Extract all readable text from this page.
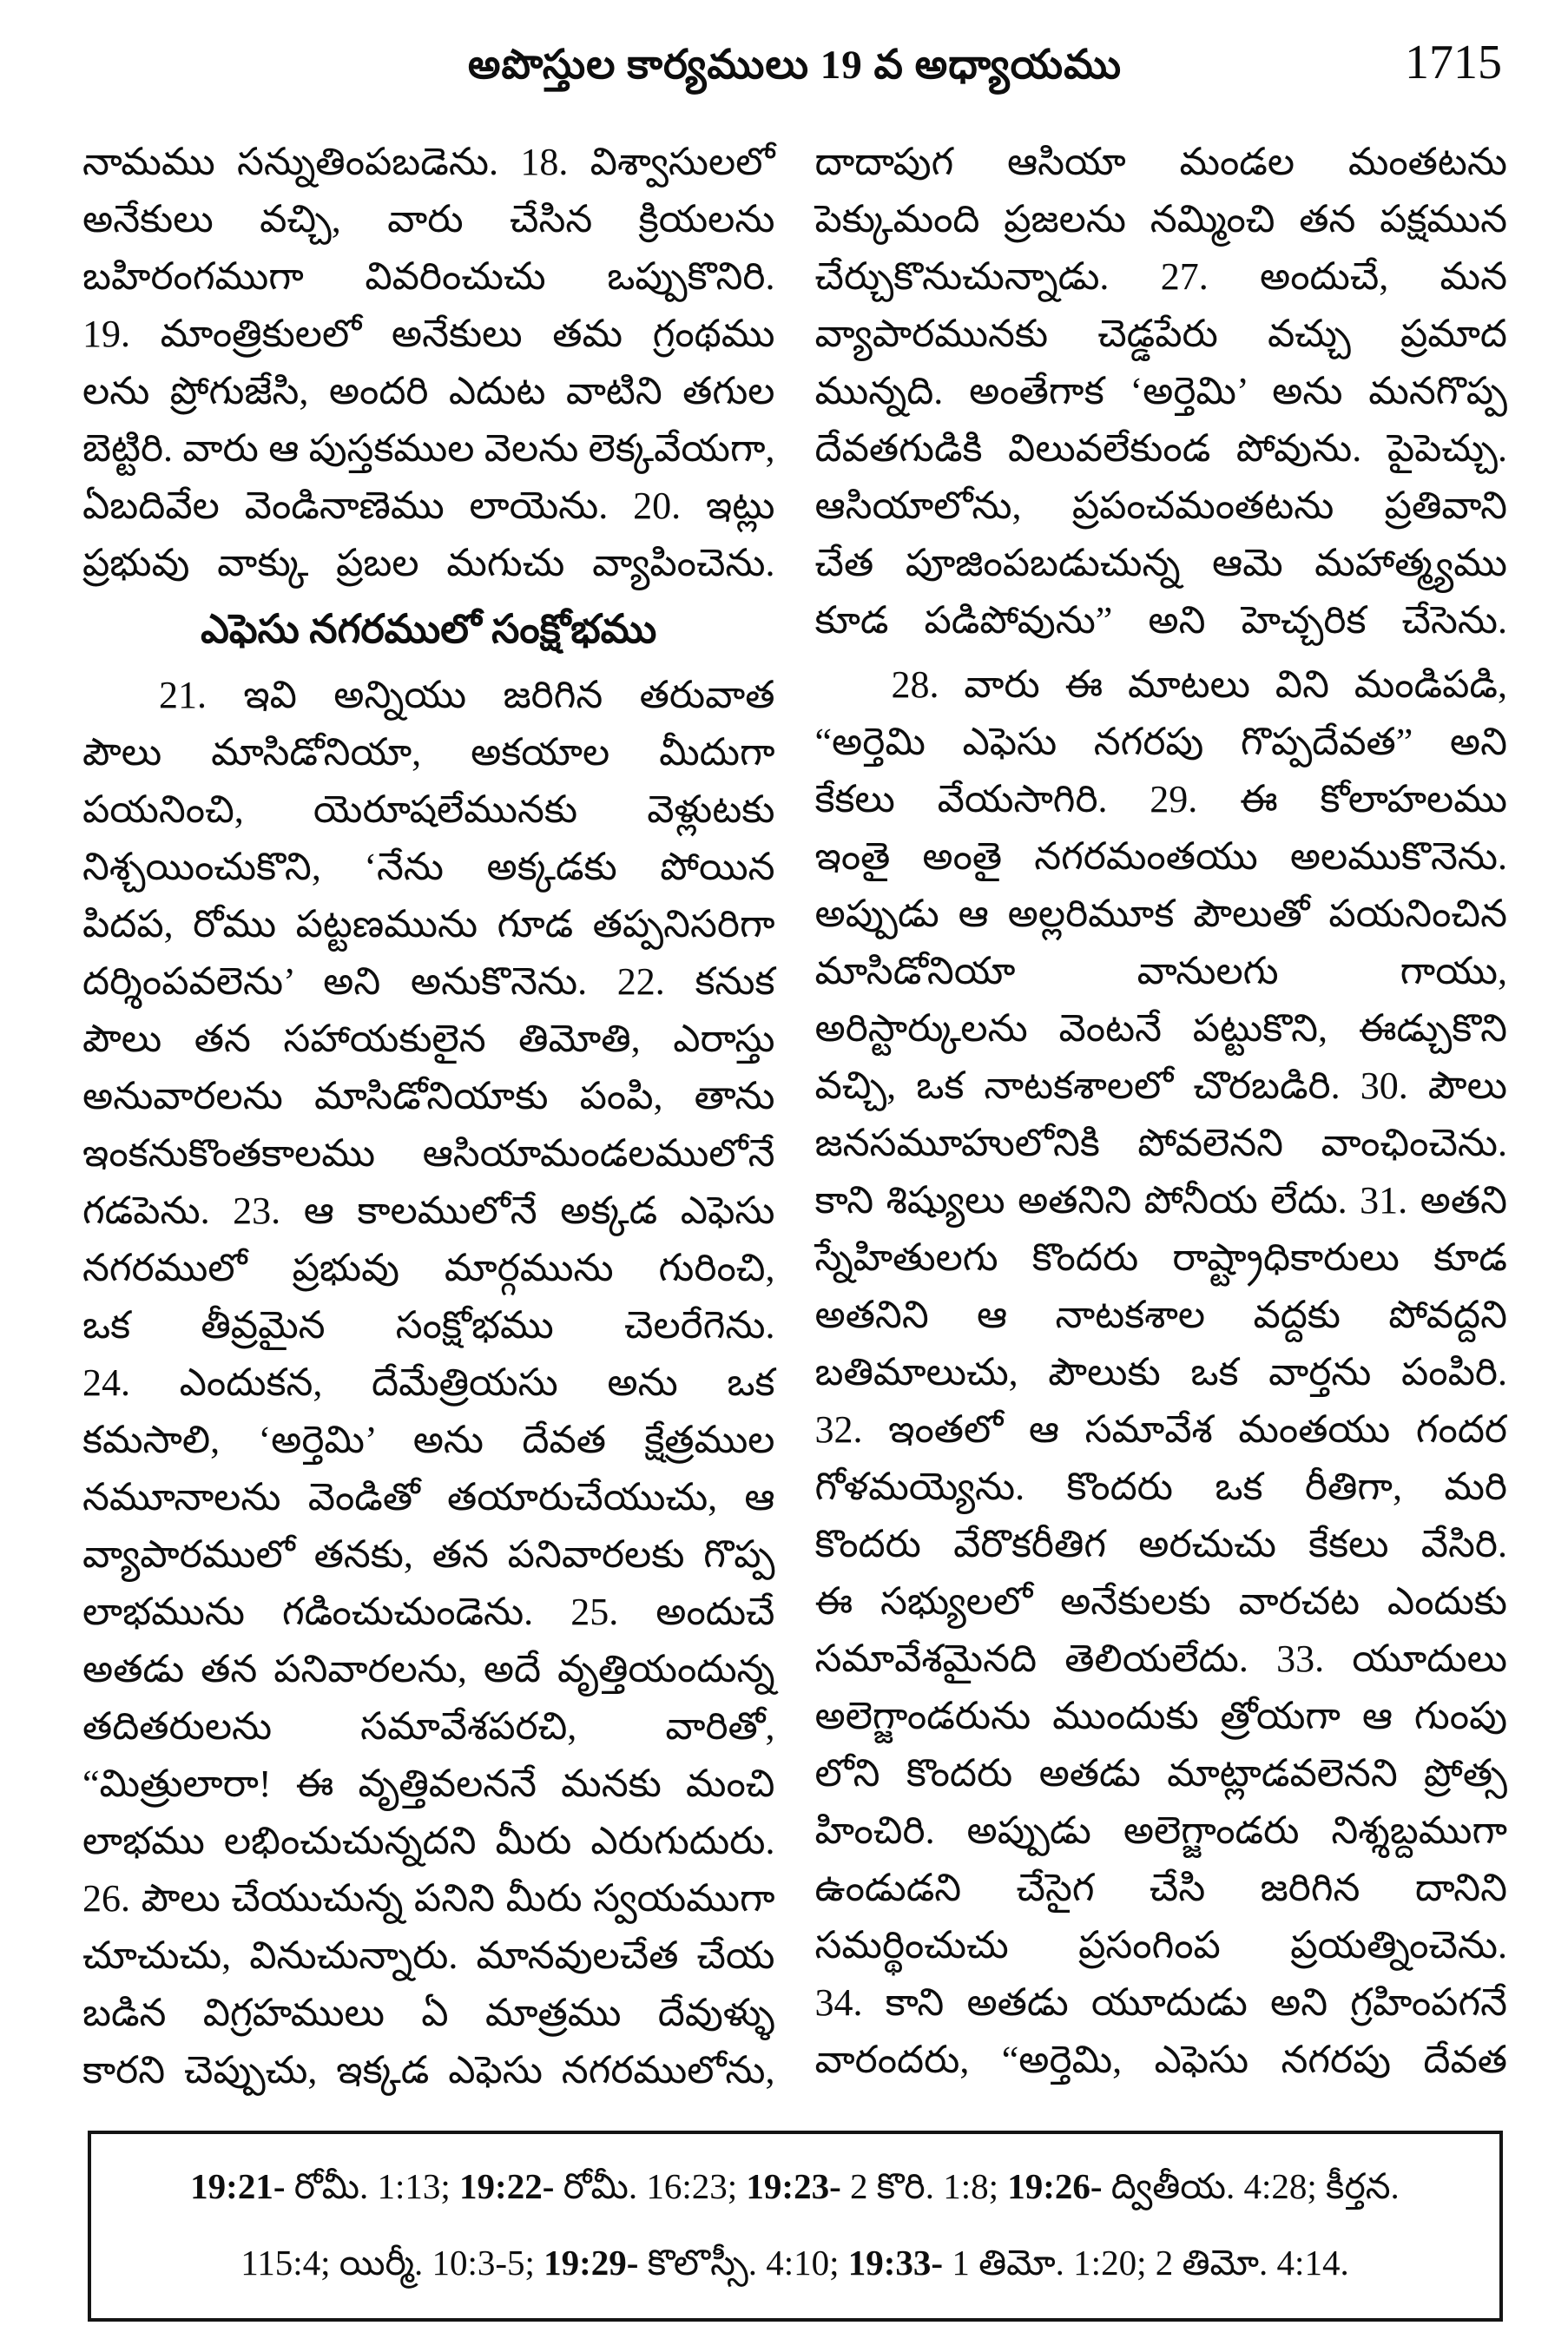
అపొస్తుల కార్యములు 19 వ అధ్యాయము	1715
నామము సన్నుతింపబడెను. 18. విశ్వాసులలో
అనేకులు వచ్చి, వారు చేసిన క్రియలను
బహిరంగముగా వివరించుచు ఒప్పుకొనిరి.
19. మాంత్రికులలో అనేకులు తమ గ్రంథము
లను ప్రోగుజేసి, అందరి ఎదుట వాటిని తగుల
బెట్టిరి. వారు ఆ పుస్తకముల వెలను లెక్కవేయగా,
ఏబదివేల వెండినాణెము లాయెను. 20. ఇట్లు
ప్రభువు వాక్కు ప్రబల మగుచు వ్యాపించెను.
ఎఫెసు నగరములో సంక్షోభము
21. ఇవి అన్నియు జరిగిన తరువాత
పౌలు మాసిడోనియా, అకయాల మీదుగా
పయనించి, యెరూషలేమునకు వెళ్లుటకు
నిశ్చయించుకొని, ‘నేను అక్కడకు పోయిన
పిదప, రోము పట్టణమును గూడ తప్పనిసరిగా
దర్శింపవలెను’ అని అనుకొనెను. 22. కనుక
పౌలు తన సహాయకులైన తిమోతి, ఎరాస్తు
అనువారలను మాసిడోనియాకు పంపి, తాను
ఇంకనుకొంతకాలము ఆసియామండలములోనే
గడపెను. 23. ఆ కాలములోనే అక్కడ ఎఫెసు
నగరములో ప్రభువు మార్గమును గురించి,
ఒక తీవ్రమైన సంక్షోభము చెలరేగెను.
24. ఎందుకన, దేమేత్రియసు అను ఒక
కమసాలి, ‘అర్తెమి’ అను దేవత క్షేత్రముల
నమూనాలను వెండితో తయారుచేయుచు, ఆ
వ్యాపారములో తనకు, తన పనివారలకు గొప్ప
లాభమును గడించుచుండెను. 25. అందుచే
అతడు తన పనివారలను, అదే వృత్తియందున్న
తదితరులను సమావేశపరచి, వారితో,
“మిత్రులారా! ఈ వృత్తివలననే మనకు మంచి
లాభము లభించుచున్నదని మీరు ఎరుగుదురు.
26. పౌలు చేయుచున్న పనిని మీరు స్వయముగా
చూచుచు, వినుచున్నారు. మానవులచేత చేయ
బడిన విగ్రహములు ఏ మాత్రము దేవుళ్ళు
కారని చెప్పుచు, ఇక్కడ ఎఫెసు నగరములోను,
దాదాపుగ ఆసియా మండల మంతటను
పెక్కుమంది ప్రజలను నమ్మించి తన పక్షమున
చేర్చుకొనుచున్నాడు. 27. అందుచే, మన
వ్యాపారమునకు చెడ్డపేరు వచ్చు ప్రమాద
మున్నది. అంతేగాక ‘అర్తెమి’ అను మనగొప్ప
దేవతగుడికి విలువలేకుండ పోవును. పైపెచ్చు.
ఆసియాలోను, ప్రపంచమంతటను ప్రతివాని
చేత పూజింపబడుచున్న ఆమె మహాత్మ్యము
కూడ పడిపోవును” అని హెచ్చరిక చేసెను.
28. వారు ఈ మాటలు విని మండిపడి,
“అర్తెమి ఎఫెసు నగరపు గొప్పదేవత” అని
కేకలు వేయసాగిరి. 29. ఈ కోలాహలము
ఇంతై అంతై నగరమంతయు అలముకొనెను.
అప్పుడు ఆ అల్లరిమూక పౌలుతో పయనించిన
మాసిడోనియా వానులగు గాయు,
అరిస్టార్కులను వెంటనే పట్టుకొని, ఈడ్చుకొని
వచ్చి, ఒక నాటకశాలలో చొరబడిరి. 30. పౌలు
జనసమూహులోనికి పోవలెనని వాంఛించెను.
కాని శిష్యులు అతనిని పోనీయ లేదు. 31. అతని
స్నేహితులగు కొందరు రాష్ట్రాధికారులు కూడ
అతనిని ఆ నాటకశాల వద్దకు పోవద్దని
బతిమాలుచు, పౌలుకు ఒక వార్తను పంపిరి.
32. ఇంతలో ఆ సమావేశ మంతయు గందర
గోళమయ్యెను. కొందరు ఒక రీతిగా, మరి
కొందరు వేరొకరీతిగ అరచుచు కేకలు వేసిరి.
ఈ సభ్యులలో అనేకులకు వారచట ఎందుకు
సమావేశమైనది తెలియలేదు. 33. యూదులు
అలెగ్జాండరును ముందుకు త్రోయగా ఆ గుంపు
లోని కొందరు అతడు మాట్లాడవలెనని ప్రోత్స
హించిరి. అప్పుడు అలెగ్జాండరు నిశ్శబ్దముగా
ఉండుడని చేసైగ చేసి జరిగిన దానిని
సమర్థించుచు ప్రసంగింప ప్రయత్నించెను.
34. కాని అతడు యూదుడు అని గ్రహింపగనే
వారందరు, “అర్తెమి, ఎఫెసు నగరపు దేవత
19:21- రోమీ. 1:13; 19:22- రోమీ. 16:23; 19:23- 2 కొరి. 1:8; 19:26- ద్వితీయ. 4:28; కీర్తన.
115:4; యిర్మీ. 10:3-5; 19:29- కొలొస్సీ. 4:10; 19:33- 1 తిమో. 1:20; 2 తిమో. 4:14.
